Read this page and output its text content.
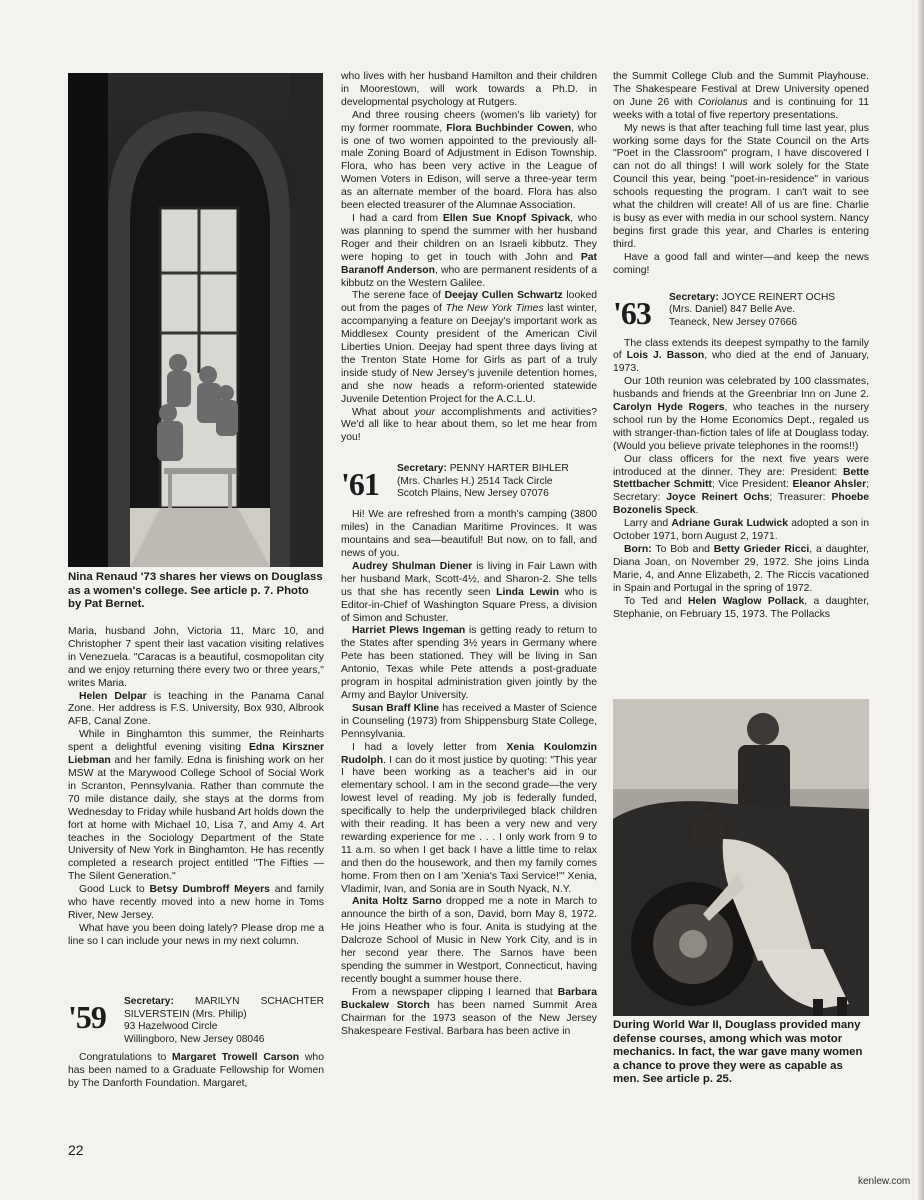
Nina Renaud '73 shares her views on Douglass as a women's college. See article p. 7. Photo by Pat Bernet.

Maria, husband John, Victoria 11, Marc 10, and Christopher 7 spent their last vacation visiting relatives in Venezuela. "Caracas is a beautiful, cosmopolitan city and we enjoy returning there every two or three years," writes Maria.

Helen Delpar is teaching in the Panama Canal Zone. Her address is F.S. University, Box 930, Albrook AFB, Canal Zone.

While in Binghamton this summer, the Reinharts spent a delightful evening visiting Edna Kirszner Liebman and her family. Edna is finishing work on her MSW at the Marywood College School of Social Work in Scranton, Pennsylvania. Rather than commute the 70 mile distance daily, she stays at the dorms from Wednesday to Friday while husband Art holds down the fort at home with Michael 10, Lisa 7, and Amy 4. Art teaches in the Sociology Department of the State University of New York in Binghamton. He has recently completed a research project entitled "The Fifties — The Silent Generation."

Good Luck to Betsy Dumbroff Meyers and family who have recently moved into a new home in Toms River, New Jersey.

What have you been doing lately? Please drop me a line so I can include your news in my next column.

'59 Secretary: MARILYN SCHACHTER SILVERSTEIN (Mrs. Philip)
93 Hazelwood Circle
Willingboro, New Jersey 08046

Congratulations to Margaret Trowell Carson who has been named to a Graduate Fellowship for Women by The Danforth Foundation. Margaret,

who lives with her husband Hamilton and their children in Moorestown, will work towards a Ph.D. in developmental psychology at Rutgers.

And three rousing cheers (women's lib variety) for my former roommate, Flora Buchbinder Cowen, who is one of two women appointed to the previously all-male Zoning Board of Adjustment in Edison Township. Flora, who has been very active in the League of Women Voters in Edison, will serve a three-year term as an alternate member of the board. Flora has also been elected treasurer of the Alumnae Association.

I had a card from Ellen Sue Knopf Spivack, who was planning to spend the summer with her husband Roger and their children on an Israeli kibbutz. They were hoping to get in touch with John and Pat Baranoff Anderson, who are permanent residents of a kibbutz on the Western Galilee.

The serene face of Deejay Cullen Schwartz looked out from the pages of The New York Times last winter, accompanying a feature on Deejay's important work as Middlesex County president of the American Civil Liberties Union. Deejay had spent three days living at the Trenton State Home for Girls as part of a truly inside study of New Jersey's juvenile detention homes, and she now heads a reform-oriented statewide Juvenile Detention Project for the A.C.L.U.

What about your accomplishments and activities? We'd all like to hear about them, so let me hear from you!

'61 Secretary: PENNY HARTER BIHLER
(Mrs. Charles H.) 2514 Tack Circle
Scotch Plains, New Jersey 07076

Hi! We are refreshed from a month's camping (3800 miles) in the Canadian Maritime Provinces. It was mountains and sea—beautiful! But now, on to fall, and news of you.

Audrey Shulman Diener is living in Fair Lawn with her husband Mark, Scott-4½, and Sharon-2. She tells us that she has recently seen Linda Lewin who is Editor-in-Chief of Washington Square Press, a division of Simon and Schuster.

Harriet Plews Ingeman is getting ready to return to the States after spending 3½ years in Germany where Pete has been stationed. They will be living in San Antonio, Texas while Pete attends a post-graduate program in hospital administration given jointly by the Army and Baylor University.

Susan Braff Kline has received a Master of Science in Counseling (1973) from Shippensburg State College, Pennsylvania.

I had a lovely letter from Xenia Koulomzin Rudolph. I can do it most justice by quoting: "This year I have been working as a teacher's aid in our elementary school. I am in the second grade—the very lowest level of reading. My job is federally funded, specifically to help the underprivileged black children with their reading. It has been a very new and very rewarding experience for me . . . I only work from 9 to 11 a.m. so when I get back I have a little time to relax and then do the housework, and then my family comes home. From then on I am 'Xenia's Taxi Service!'" Xenia, Vladimir, Ivan, and Sonia are in South Nyack, N.Y.

Anita Holtz Sarno dropped me a note in March to announce the birth of a son, David, born May 8, 1972. He joins Heather who is four. Anita is studying at the Dalcroze School of Music in New York City, and is in her second year there. The Sarnos have been spending the summer in Westport, Connecticut, having recently bought a summer house there.

From a newspaper clipping I learned that Barbara Buckalew Storch has been named Summit Area Chairman for the 1973 season of the New Jersey Shakespeare Festival. Barbara has been active in

the Summit College Club and the Summit Playhouse. The Shakespeare Festival at Drew University opened on June 26 with Coriolanus and is continuing for 11 weeks with a total of five repertory presentations.

My news is that after teaching full time last year, plus working some days for the State Council on the Arts "Poet in the Classroom" program, I have discovered I can not do all things! I will work solely for the State Council this year, being "poet-in-residence" in various schools requesting the program. I can't wait to see what the children will create! All of us are fine. Charlie is busy as ever with media in our school system. Nancy begins first grade this year, and Charles is entering third.

Have a good fall and winter—and keep the news coming!

'63 Secretary: JOYCE REINERT OCHS
(Mrs. Daniel) 847 Belle Ave.
Teaneck, New Jersey 07666

The class extends its deepest sympathy to the family of Lois J. Basson, who died at the end of January, 1973.

Our 10th reunion was celebrated by 100 classmates, husbands and friends at the Greenbriar Inn on June 2. Carolyn Hyde Rogers, who teaches in the nursery school run by the Home Economics Dept., regaled us with stranger-than-fiction tales of life at Douglass today. (Would you believe private telephones in the rooms!!)

Our class officers for the next five years were introduced at the dinner. They are: President: Bette Stettbacher Schmitt; Vice President: Eleanor Ahsler; Secretary: Joyce Reinert Ochs; Treasurer: Phoebe Bozonelis Speck.

Larry and Adriane Gurak Ludwick adopted a son in October 1971, born August 2, 1971.

Born: To Bob and Betty Grieder Ricci, a daughter, Diana Joan, on November 29, 1972. She joins Linda Marie, 4, and Anne Elizabeth, 2. The Riccis vacationed in Spain and Portugal in the spring of 1972.

To Ted and Helen Waglow Pollack, a daughter, Stephanie, on February 15, 1973. The Pollacks

During World War II, Douglass provided many defense courses, among which was motor mechanics. In fact, the war gave many women a chance to prove they were as capable as men. See article p. 25.
22
kenlew.com
